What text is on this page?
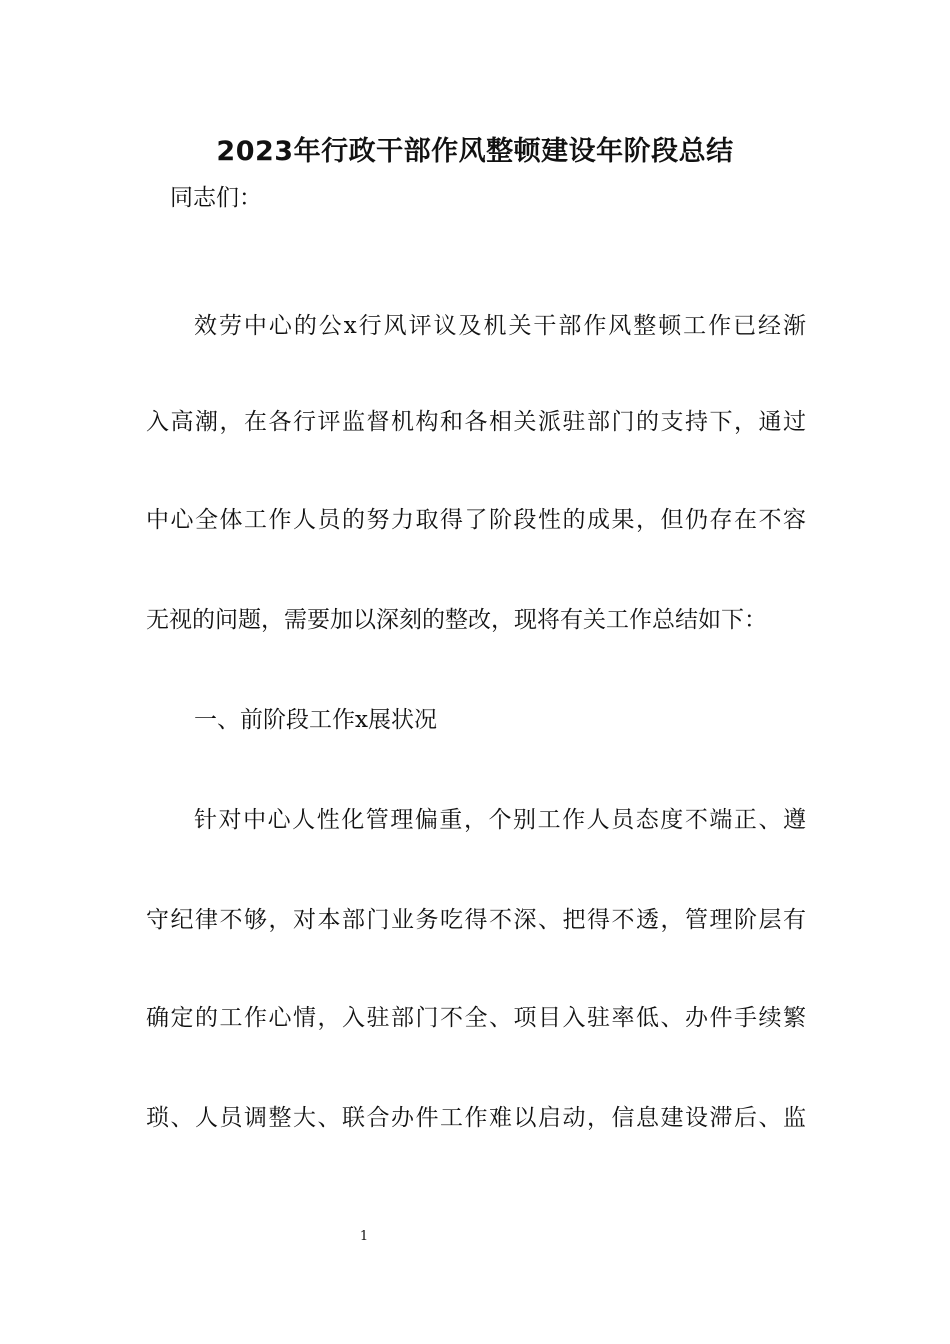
2023年行政干部作风整顿建设年阶段总结
同志们：
效劳中心的公x行风评议及机关干部作风整顿工作已经渐
入高潮，在各行评监督机构和各相关派驻部门的支持下，通过
中心全体工作人员的努力取得了阶段性的成果，但仍存在不容
无视的问题，需要加以深刻的整改，现将有关工作总结如下：
一、前阶段工作x展状况
针对中心人性化管理偏重，个别工作人员态度不端正、遵
守纪律不够，对本部门业务吃得不深、把得不透，管理阶层有
确定的工作心情，入驻部门不全、项目入驻率低、办件手续繁
琐、人员调整大、联合办件工作难以启动，信息建设滞后、监
1
